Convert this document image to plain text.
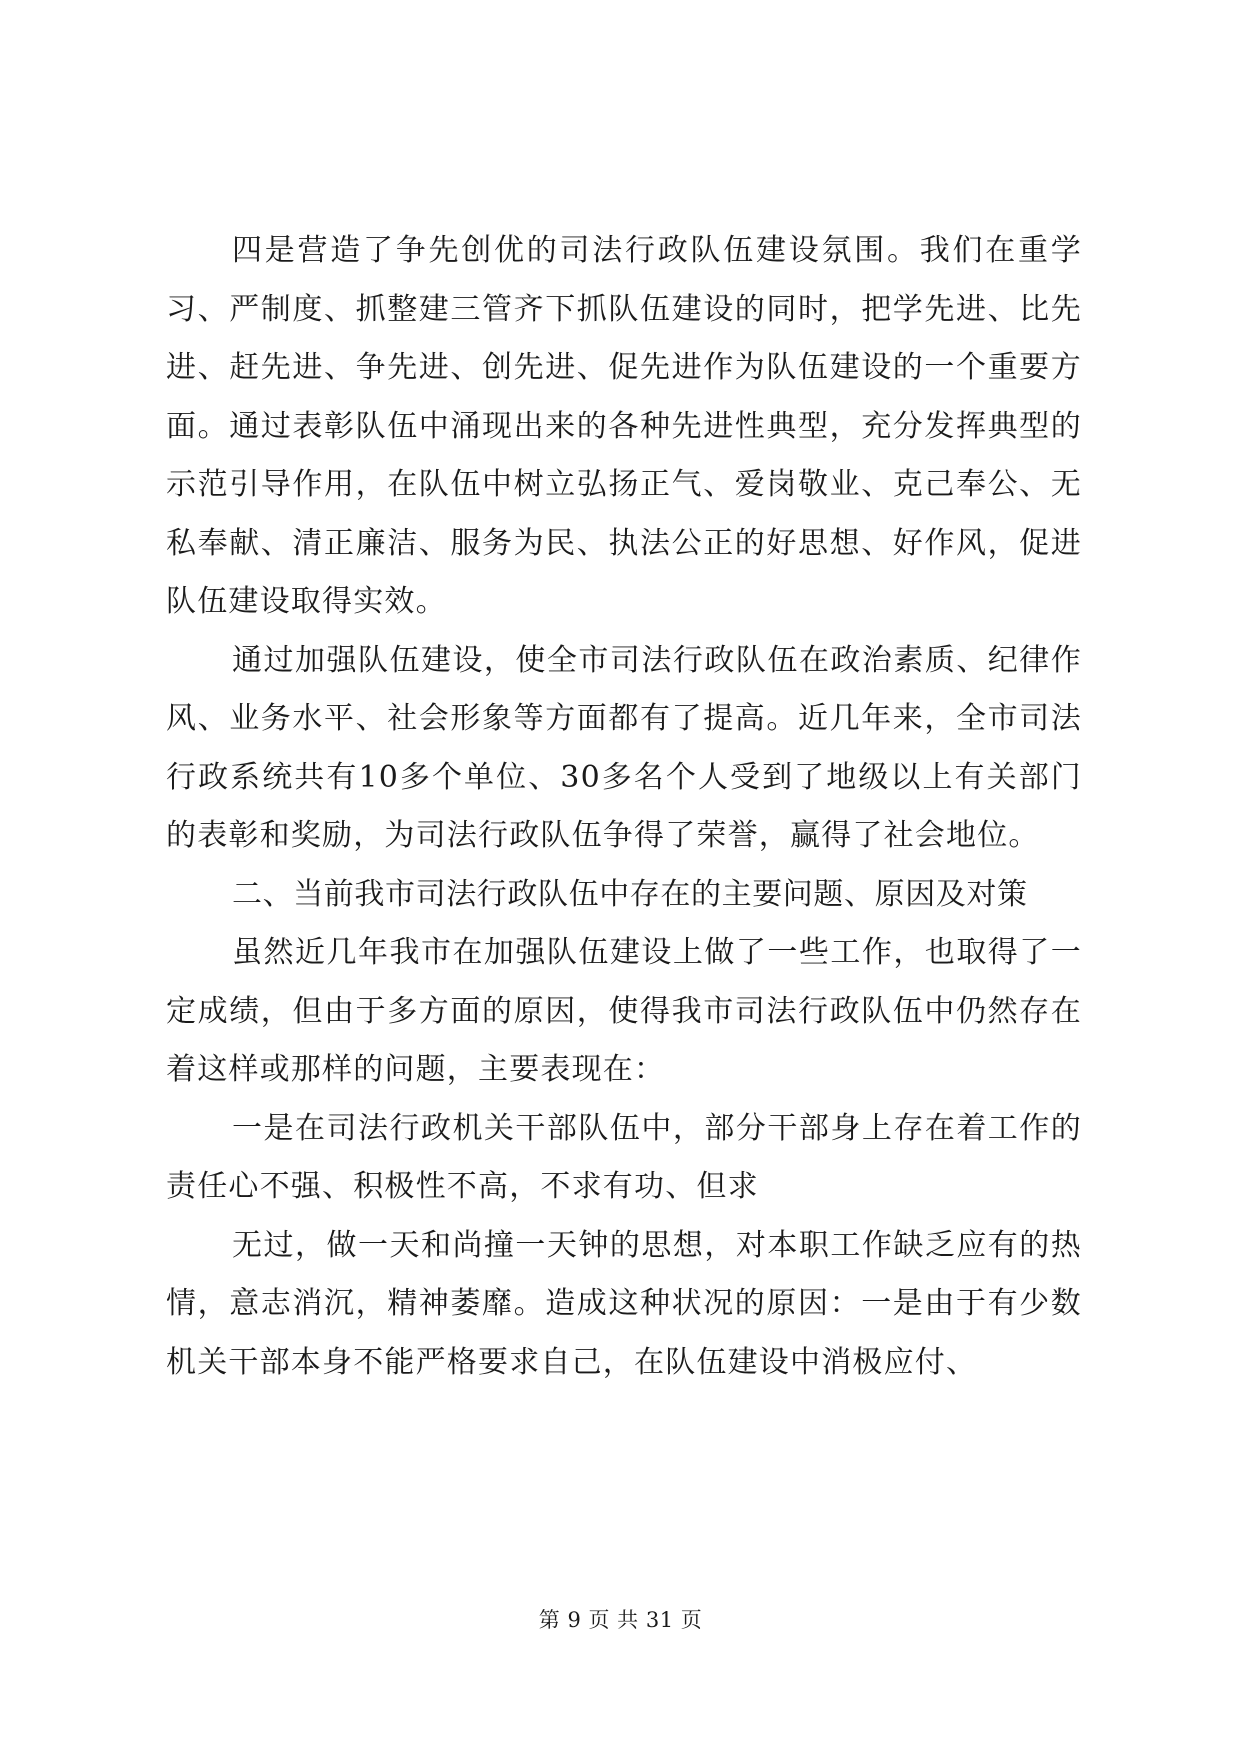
四是营造了争先创优的司法行政队伍建设氛围。我们在重学习、严制度、抓整建三管齐下抓队伍建设的同时，把学先进、比先进、赶先进、争先进、创先进、促先进作为队伍建设的一个重要方面。通过表彰队伍中涌现出来的各种先进性典型，充分发挥典型的示范引导作用，在队伍中树立弘扬正气、爱岗敬业、克己奉公、无私奉献、清正廉洁、服务为民、执法公正的好思想、好作风，促进队伍建设取得实效。

通过加强队伍建设，使全市司法行政队伍在政治素质、纪律作风、业务水平、社会形象等方面都有了提高。近几年来，全市司法行政系统共有10多个单位、30多名个人受到了地级以上有关部门的表彰和奖励，为司法行政队伍争得了荣誉，赢得了社会地位。

二、当前我市司法行政队伍中存在的主要问题、原因及对策

虽然近几年我市在加强队伍建设上做了一些工作，也取得了一定成绩，但由于多方面的原因，使得我市司法行政队伍中仍然存在着这样或那样的问题，主要表现在：

一是在司法行政机关干部队伍中，部分干部身上存在着工作的责任心不强、积极性不高，不求有功、但求

无过，做一天和尚撞一天钟的思想，对本职工作缺乏应有的热情，意志消沉，精神萎靡。造成这种状况的原因：一是由于有少数机关干部本身不能严格要求自己，在队伍建设中消极应付、

第 9 页 共 31 页
